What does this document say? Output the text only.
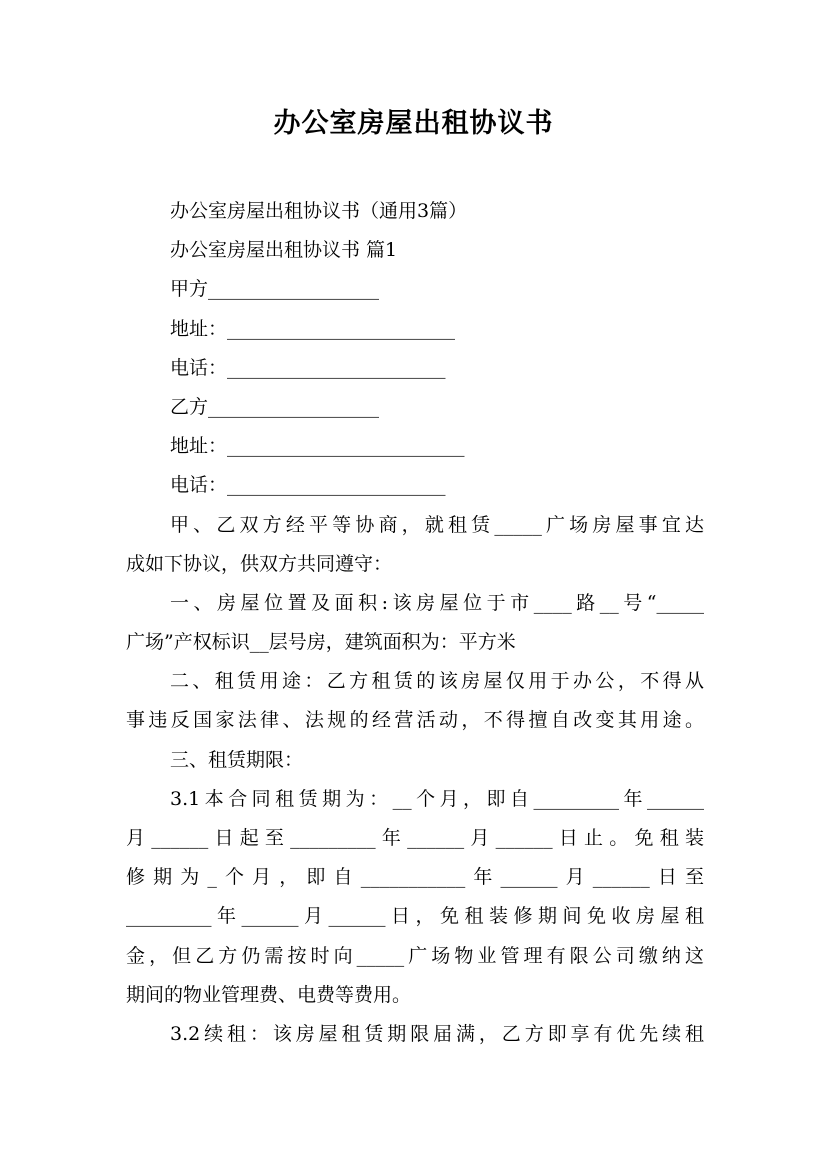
办公室房屋出租协议书

办公室房屋出租协议书（通用3篇）

办公室房屋出租协议书 篇1

甲方__________________

地址：________________________

电话：_______________________

乙方__________________

地址：_________________________

电话：_______________________

甲、乙双方经平等协商，就租赁_____广场房屋事宜达

成如下协议，供双方共同遵守：

一、房屋位置及面积:该房屋位于市____路__号“_____

广场”产权标识__层号房，建筑面积为：平方米

二、租赁用途：乙方租赁的该房屋仅用于办公，不得从

事违反国家法律、法规的经营活动，不得擅自改变其用途。

三、租赁期限：

3.1本合同租赁期为：__个月，即自_________年______

月______日起至_________年______月______日止。免租装

修期为_个月，即自___________年______月______日至

_________年______月______日，免租装修期间免收房屋租

金，但乙方仍需按时向_____广场物业管理有限公司缴纳这

期间的物业管理费、电费等费用。

3.2续租：该房屋租赁期限届满，乙方即享有优先续租
